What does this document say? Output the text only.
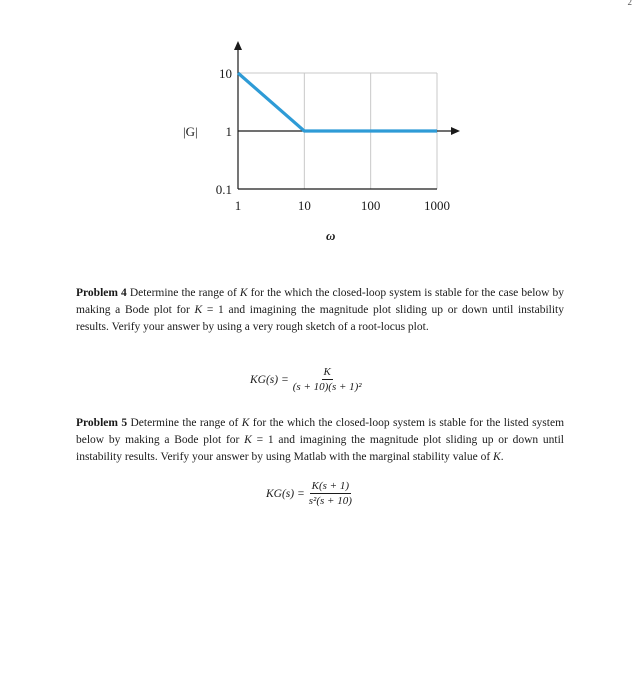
2
10
1
0.1
1	10	100	1000
|G|
ω
Problem 4 Determine the range of K for the which the closed-loop system is stable for the case below by making a Bode plot for K = 1 and imagining the magnitude plot sliding up or down until instability results. Verify your answer by using a very rough sketch of a root-locus plot.
$KG(s) = \frac{K}{\text{(s + 10)(s + 1)²}}$
Problem 5 Determine the range of K for the which the closed-loop system is stable for the listed system below by making a Bode plot for K = 1 and imagining the magnitude plot sliding up or down until instability results. Verify your answer by using Matlab with the marginal stability value of K.
$KG(s) = \frac{K(s + 1)}{\text{s²(s + 10)}}$
